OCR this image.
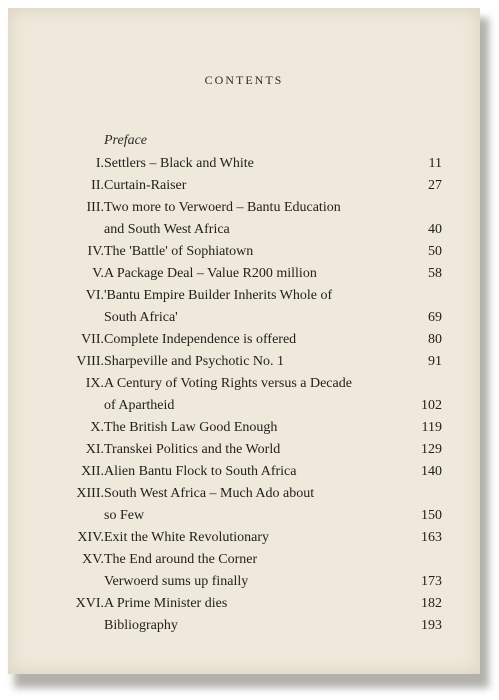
CONTENTS
Preface
I. Settlers – Black and White	11
II. Curtain-Raiser	27
III. Two more to Verwoerd – Bantu Education
and South West Africa	40
IV. The 'Battle' of Sophiatown	50
V. A Package Deal – Value R200 million	58
VI. 'Bantu Empire Builder Inherits Whole of
South Africa'	69
VII. Complete Independence is offered	80
VIII. Sharpeville and Psychotic No. 1	91
IX. A Century of Voting Rights versus a Decade
of Apartheid	102
X. The British Law Good Enough	119
XI. Transkei Politics and the World	129
XII. Alien Bantu Flock to South Africa	140
XIII. South West Africa – Much Ado about
so Few	150
XIV. Exit the White Revolutionary	163
XV. The End around the Corner
Verwoerd sums up finally	173
XVI. A Prime Minister dies	182
Bibliography	193
